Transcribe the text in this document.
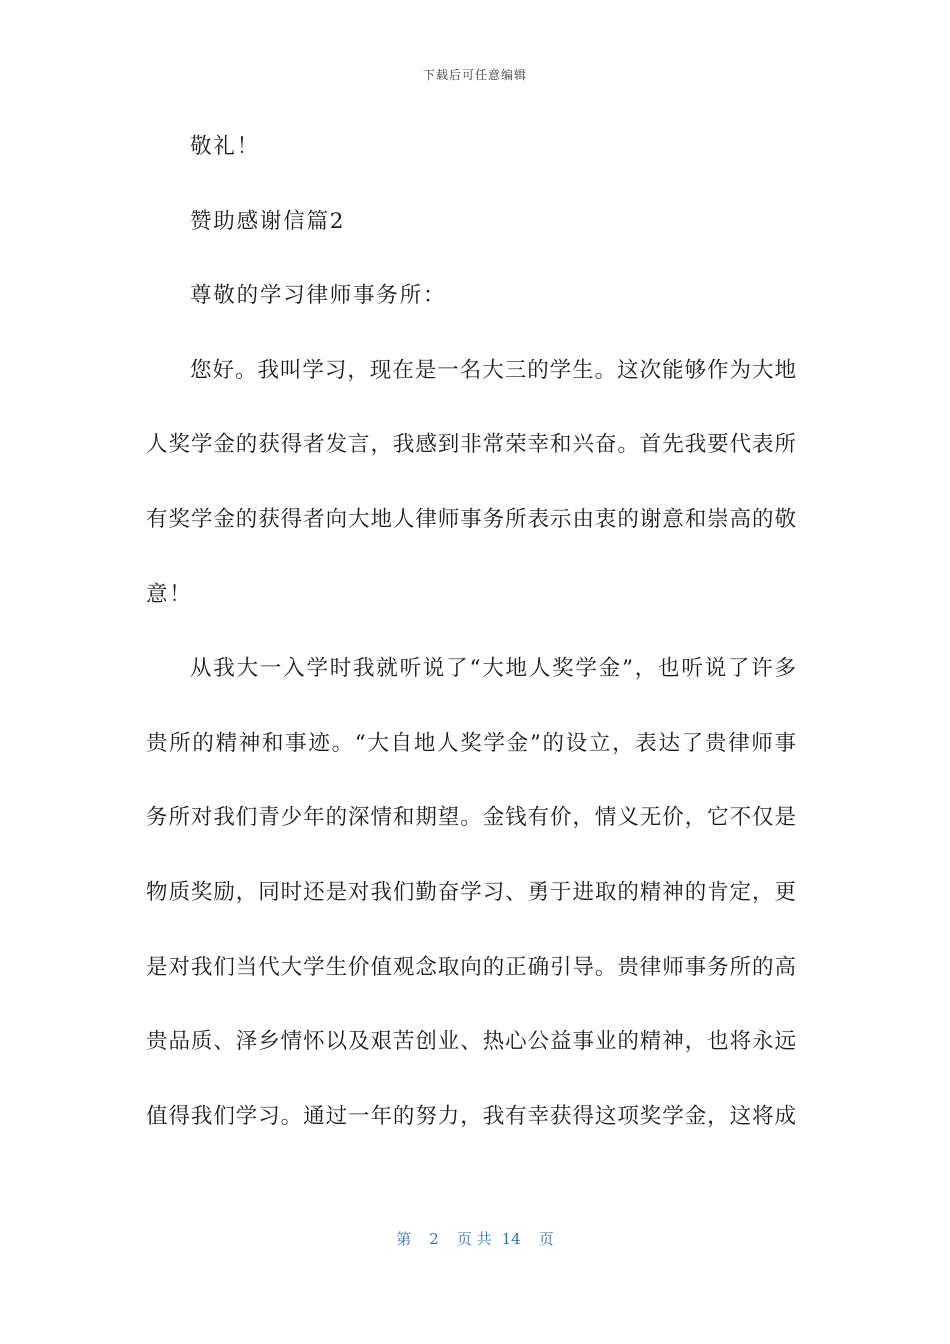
下载后可任意编辑
敬礼！
赞助感谢信篇2
尊敬的学习律师事务所：
您好。我叫学习，现在是一名大三的学生。这次能够作为大地
人奖学金的获得者发言，我感到非常荣幸和兴奋。首先我要代表所
有奖学金的获得者向大地人律师事务所表示由衷的谢意和崇高的敬
意！
从我大一入学时我就听说了“大地人奖学金”，也听说了许多
贵所的精神和事迹。“大自地人奖学金”的设立，表达了贵律师事
务所对我们青少年的深情和期望。金钱有价，情义无价，它不仅是
物质奖励，同时还是对我们勤奋学习、勇于进取的精神的肯定，更
是对我们当代大学生价值观念取向的正确引导。贵律师事务所的高
贵品质、泽乡情怀以及艰苦创业、热心公益事业的精神，也将永远
值得我们学习。通过一年的努力，我有幸获得这项奖学金，这将成
第 2 页 共 14 页
